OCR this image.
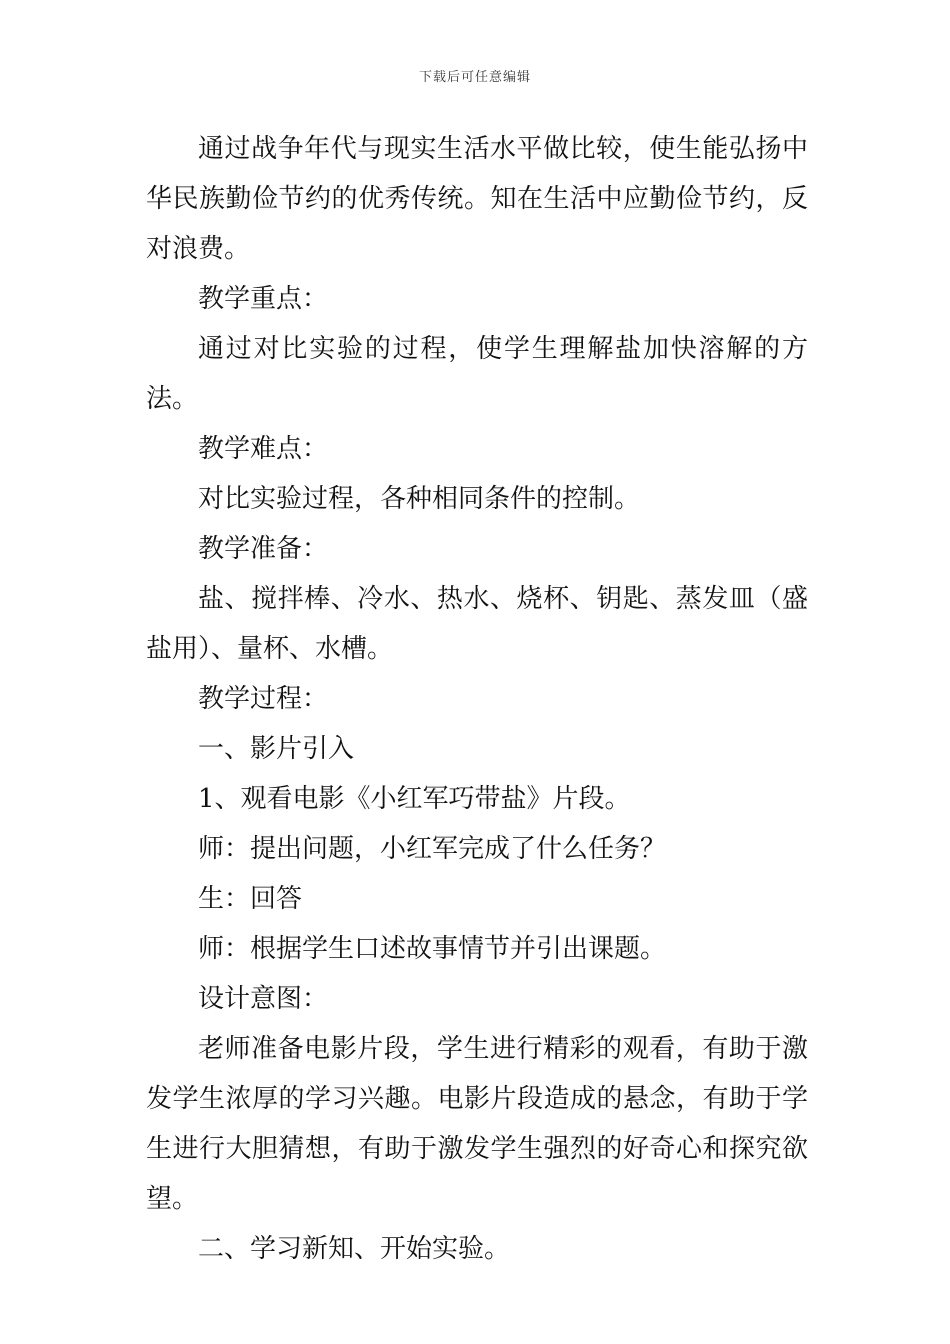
下载后可任意编辑

通过战争年代与现实生活水平做比较，使生能弘扬中华民族勤俭节约的优秀传统。知在生活中应勤俭节约，反对浪费。

教学重点：

通过对比实验的过程，使学生理解盐加快溶解的方法。

教学难点：

对比实验过程，各种相同条件的控制。

教学准备：

盐、搅拌棒、冷水、热水、烧杯、钥匙、蒸发皿（盛盐用）、量杯、水槽。

教学过程：

一、影片引入

1、观看电影《小红军巧带盐》片段。

师：提出问题，小红军完成了什么任务？

生：回答

师：根据学生口述故事情节并引出课题。

设计意图：

老师准备电影片段，学生进行精彩的观看，有助于激发学生浓厚的学习兴趣。电影片段造成的悬念，有助于学生进行大胆猜想，有助于激发学生强烈的好奇心和探究欲望。

二、学习新知、开始实验。
